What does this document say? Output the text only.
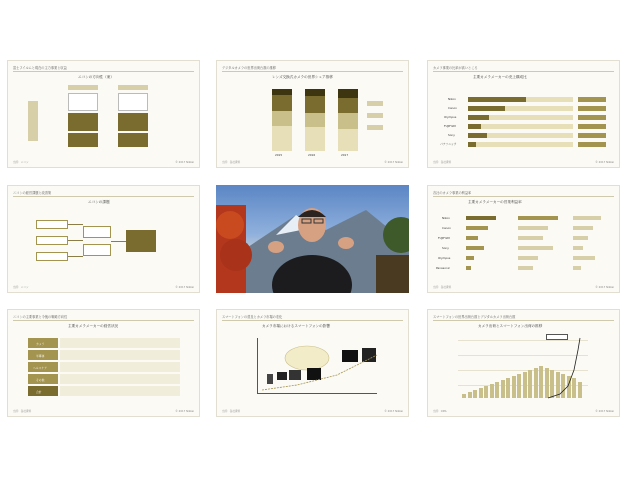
富士フイルムと現在の主力事業と収益
ニコンの方向性（案）
出所：ニコン	© 2017 Nikkei
デジタルカメラの世界出荷台数の推移
レンズ交換式カメラの世界シェア推移
2015	2016	2017
出所：各社資料	© 2017 Nikkei
カメラ事業の比率が高いところ
主要カメラメーカーの売上構成比
Nikon
Canon
Olympus
FUJIFILM
Sony
パナソニック
出所：各社資料	© 2017 Nikkei
ニコンの経営課題と改善策
ニコンの課題
出所：ニコン	© 2017 Nikkei
各社のカメラ事業の利益率
主要カメラメーカーの営業利益率
Nikon
Canon
FUJIFILM
Sony
Olympus
Panasonic
出所：各社資料	© 2017 Nikkei
ニコンの主要事業と今後の戦略方向性
主要カメラメーカーの経営状況
カメラ
半導体
ヘルスケア
その他
合計
出所：各社資料	© 2017 Nikkei
スマートフォンの普及とカメラ市場の変化
カメラ市場におけるスマートフォンの影響
出所：各社資料	© 2017 Nikkei
スマートフォンの世界出荷台数とデジタルカメラ出荷台数
カメラ出荷とスマートフォン出荷の推移
出所：CIPA	© 2017 Nikkei
